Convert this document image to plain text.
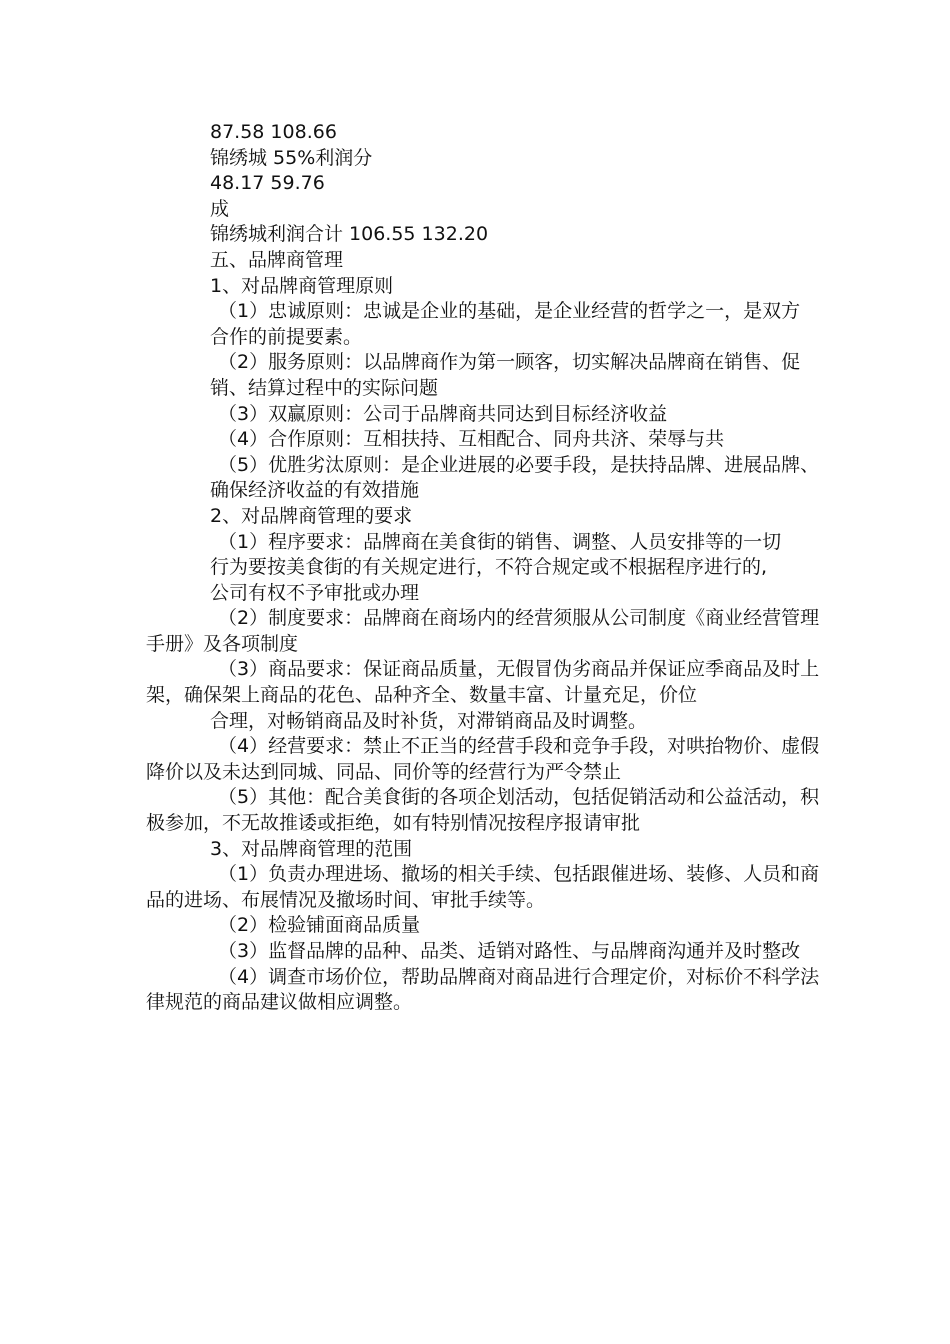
87.58 108.66

锦绣城 55%利润分

48.17 59.76

成

锦绣城利润合计 106.55 132.20

五、品牌商管理

1、对品牌商管理原则

（1）忠诚原则：忠诚是企业的基础，是企业经营的哲学之一，是双方

合作的前提要素。

（2）服务原则：以品牌商作为第一顾客，切实解决品牌商在销售、促

销、结算过程中的实际问题

（3）双赢原则：公司于品牌商共同达到目标经济收益

（4）合作原则：互相扶持、互相配合、同舟共济、荣辱与共

（5）优胜劣汰原则：是企业进展的必要手段，是扶持品牌、进展品牌、

确保经济收益的有效措施

2、对品牌商管理的要求

（1）程序要求：品牌商在美食街的销售、调整、人员安排等的一切

行为要按美食街的有关规定进行，不符合规定或不根据程序进行的,

公司有权不予审批或办理

（2）制度要求：品牌商在商场内的经营须服从公司制度《商业经营管理手册》及各项制度

（3）商品要求：保证商品质量，无假冒伪劣商品并保证应季商品及时上架，确保架上商品的花色、品种齐全、数量丰富、计量充足，价位

合理，对畅销商品及时补货，对滞销商品及时调整。

（4）经营要求：禁止不正当的经营手段和竞争手段，对哄抬物价、虚假降价以及未达到同城、同品、同价等的经营行为严令禁止

（5）其他：配合美食街的各项企划活动，包括促销活动和公益活动，积极参加，不无故推诿或拒绝，如有特别情况按程序报请审批

3、对品牌商管理的范围

（1）负责办理进场、撤场的相关手续、包括跟催进场、装修、人员和商品的进场、布展情况及撤场时间、审批手续等。

（2）检验铺面商品质量

（3）监督品牌的品种、品类、适销对路性、与品牌商沟通并及时整改

（4）调查市场价位，帮助品牌商对商品进行合理定价，对标价不科学法律规范的商品建议做相应调整。
